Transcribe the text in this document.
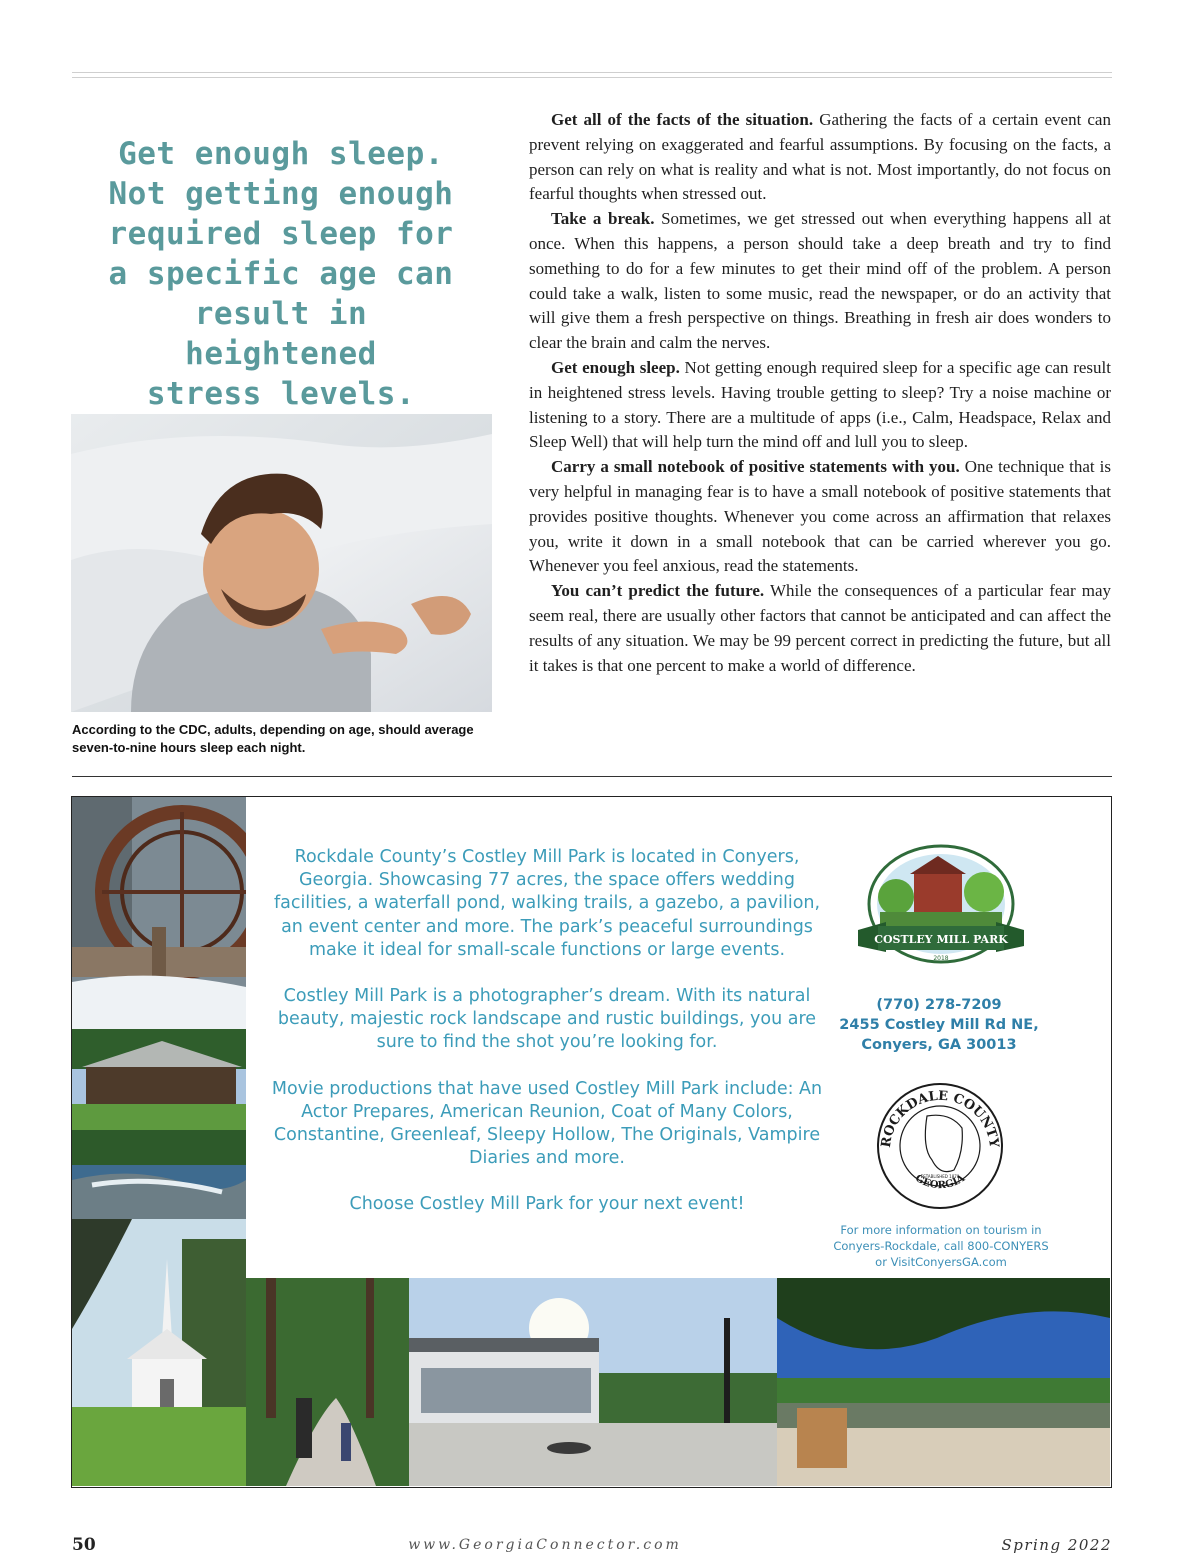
Get enough sleep.
Not getting enough
required sleep for
a specific age can
result in heightened
stress levels.
According to the CDC, adults, depending on age, should average seven-to-nine hours sleep each night.

Get all of the facts of the situation. Gathering the facts of a certain event can prevent relying on exaggerated and fearful assumptions. By focusing on the facts, a person can rely on what is reality and what is not. Most importantly, do not focus on fearful thoughts when stressed out.

Take a break. Sometimes, we get stressed out when everything happens all at once. When this happens, a person should take a deep breath and try to find something to do for a few minutes to get their mind off of the problem. A person could take a walk, listen to some music, read the newspaper, or do an activity that will give them a fresh perspective on things. Breathing in fresh air does wonders to clear the brain and calm the nerves.

Get enough sleep. Not getting enough required sleep for a specific age can result in heightened stress levels. Having trouble getting to sleep? Try a noise machine or listening to a story. There are a multitude of apps (i.e., Calm, Headspace, Relax and Sleep Well) that will help turn the mind off and lull you to sleep.

Carry a small notebook of positive statements with you. One technique that is very helpful in managing fear is to have a small notebook of positive statements that provides positive thoughts. Whenever you come across an affirmation that relaxes you, write it down in a small notebook that can be carried wherever you go. Whenever you feel anxious, read the statements.

You can’t predict the future. While the consequences of a particular fear may seem real, there are usually other factors that cannot be anticipated and can affect the results of any situation. We may be 99 percent correct in predicting the future, but all it takes is that one percent to make a world of difference.

Rockdale County’s Costley Mill Park is located in Conyers, Georgia. Showcasing 77 acres, the space offers wedding facilities, a waterfall pond, walking trails, a gazebo, a pavilion, an event center and more. The park’s peaceful surroundings make it ideal for small-scale functions or large events.

Costley Mill Park is a photographer’s dream. With its natural beauty, majestic rock landscape and rustic buildings, you are sure to find the shot you’re looking for.

Movie productions that have used Costley Mill Park include: An Actor Prepares, American Reunion, Coat of Many Colors, Constantine, Greenleaf, Sleepy Hollow, The Originals, Vampire Diaries and more.

Choose Costley Mill Park for your next event!

COSTLEY MILL PARK
2018
(770) 278-7209
2455 Costley Mill Rd NE,
Conyers, GA 30013
ROCKDALE COUNTY
GEORGIA
ESTABLISHED 1870
For more information on tourism in
Conyers-Rockdale, call 800-CONYERS
or VisitConyersGA.com
50	www.GeorgiaConnector.com	Spring 2022
